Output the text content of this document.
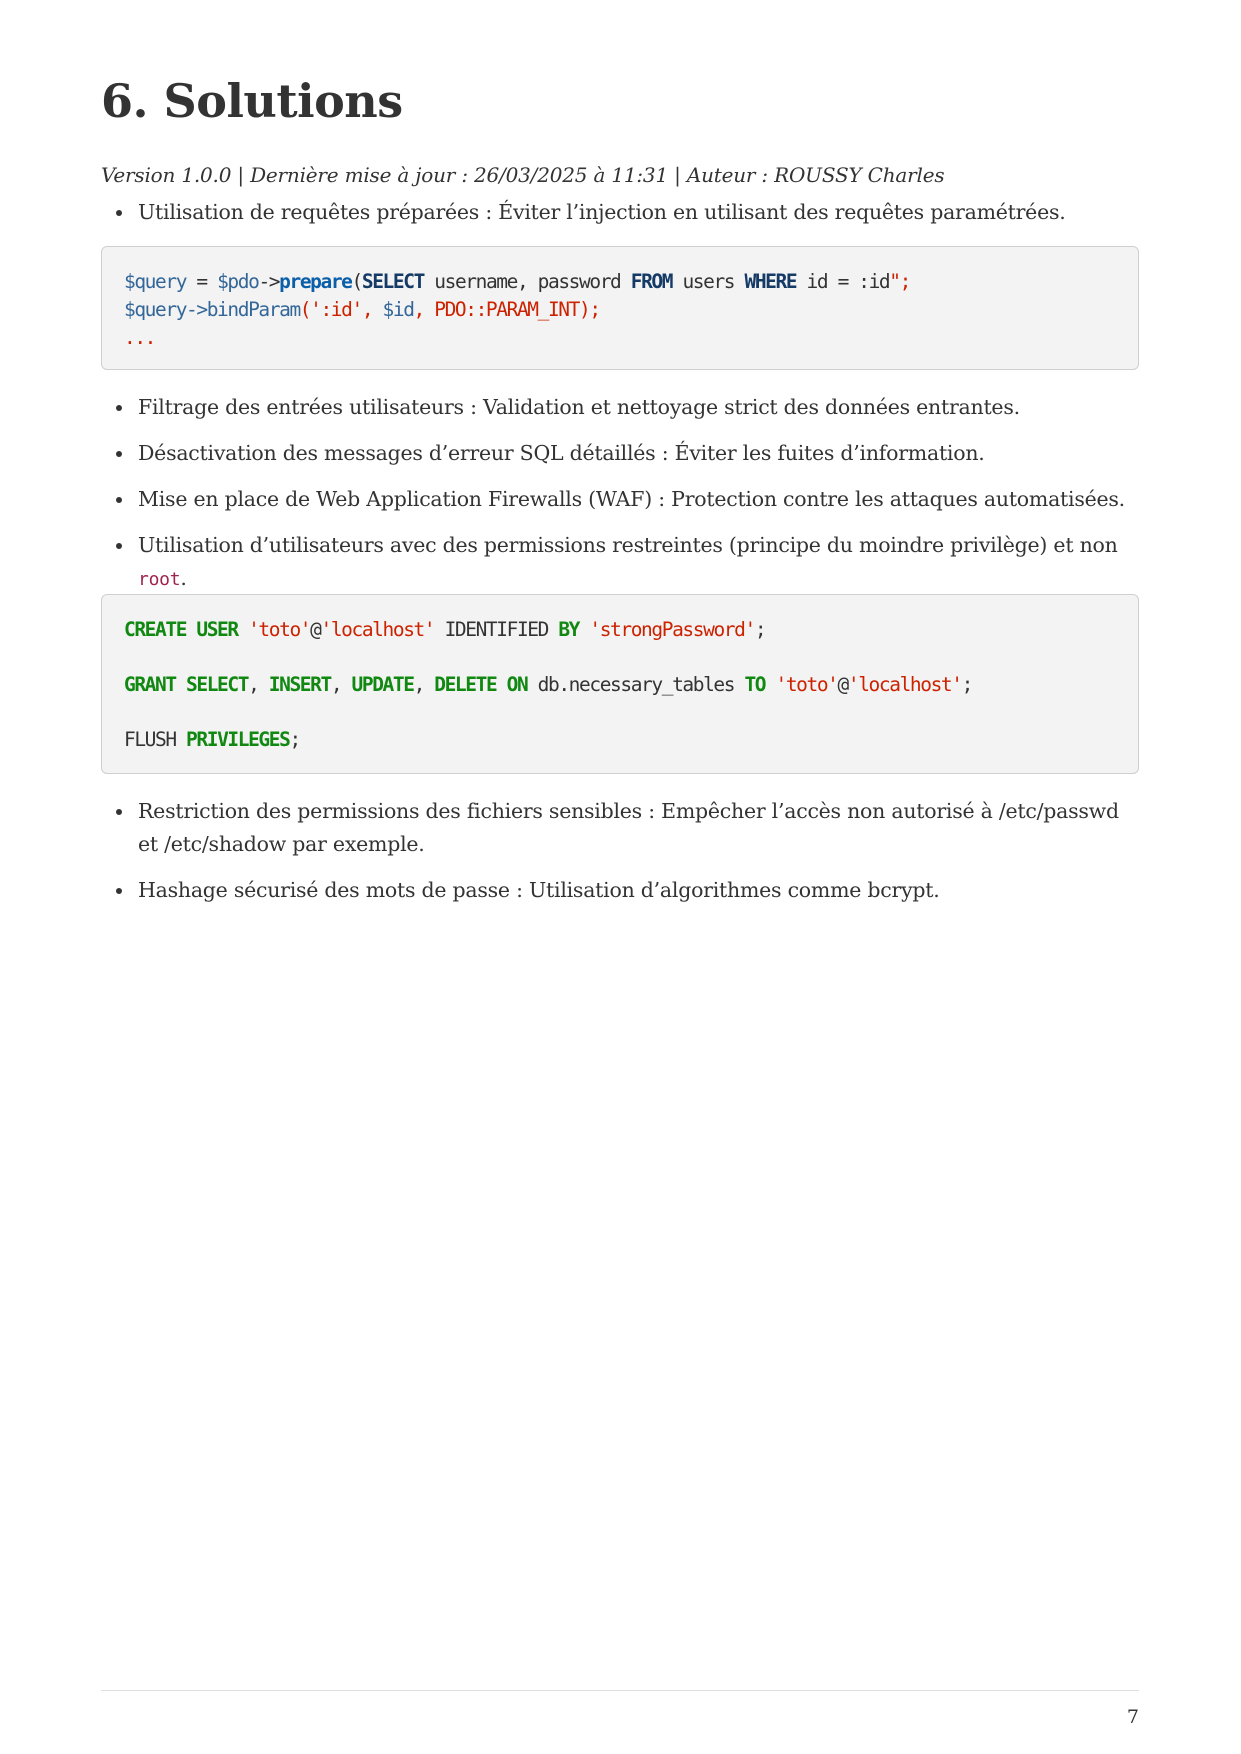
6. Solutions

Version 1.0.0 | Dernière mise à jour : 26/03/2025 à 11:31 | Auteur : ROUSSY Charles

Utilisation de requêtes préparées : Éviter l’injection en utilisant des requêtes paramétrées.
$query = $pdo->prepare(SELECT username, password FROM users WHERE id = :id";
$query->bindParam(':id', $id, PDO::PARAM_INT);
...
Filtrage des entrées utilisateurs : Validation et nettoyage strict des données entrantes.
Désactivation des messages d’erreur SQL détaillés : Éviter les fuites d’information.
Mise en place de Web Application Firewalls (WAF) : Protection contre les attaques automatisées.
Utilisation d’utilisateurs avec des permissions restreintes (principe du moindre privilège) et non root.
CREATE USER 'toto'@'localhost' IDENTIFIED BY 'strongPassword';
GRANT SELECT, INSERT, UPDATE, DELETE ON db.necessary_tables TO 'toto'@'localhost';
FLUSH PRIVILEGES;
Restriction des permissions des fichiers sensibles : Empêcher l’accès non autorisé à /etc/passwd et /etc/shadow par exemple.
Hashage sécurisé des mots de passe : Utilisation d’algorithmes comme bcrypt.
7
